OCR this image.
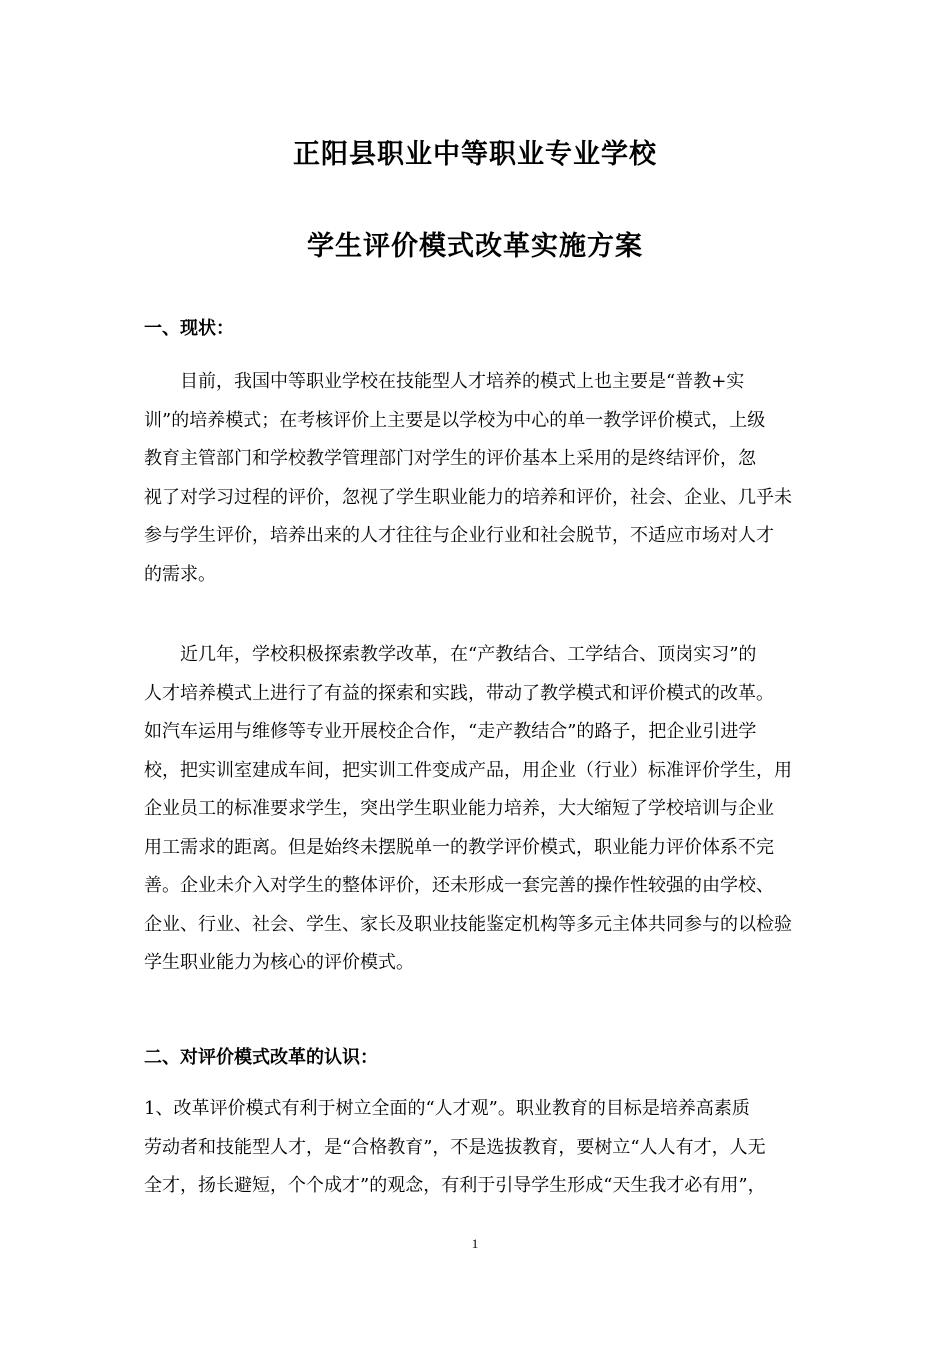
正阳县职业中等职业专业学校
学生评价模式改革实施方案
一、现状：
　　目前，我国中等职业学校在技能型人才培养的模式上也主要是“普教+实
训”的培养模式；在考核评价上主要是以学校为中心的单一教学评价模式，上级
教育主管部门和学校教学管理部门对学生的评价基本上采用的是终结评价，忽
视了对学习过程的评价，忽视了学生职业能力的培养和评价，社会、企业、几乎未
参与学生评价，培养出来的人才往往与企业行业和社会脱节，不适应市场对人才
的需求。
　　近几年，学校积极探索教学改革，在“产教结合、工学结合、顶岗实习”的
人才培养模式上进行了有益的探索和实践，带动了教学模式和评价模式的改革。
如汽车运用与维修等专业开展校企合作，“走产教结合”的路子，把企业引进学
校，把实训室建成车间，把实训工件变成产品，用企业（行业）标准评价学生，用
企业员工的标准要求学生，突出学生职业能力培养，大大缩短了学校培训与企业
用工需求的距离。但是始终未摆脱单一的教学评价模式，职业能力评价体系不完
善。企业未介入对学生的整体评价，还未形成一套完善的操作性较强的由学校、
企业、行业、社会、学生、家长及职业技能鉴定机构等多元主体共同参与的以检验
学生职业能力为核心的评价模式。
二、对评价模式改革的认识：
1、改革评价模式有利于树立全面的“人才观”。职业教育的目标是培养高素质
劳动者和技能型人才，是“合格教育”，不是选拔教育，要树立“人人有才，人无
全才，扬长避短，个个成才”的观念，有利于引导学生形成“天生我才必有用”，
1
